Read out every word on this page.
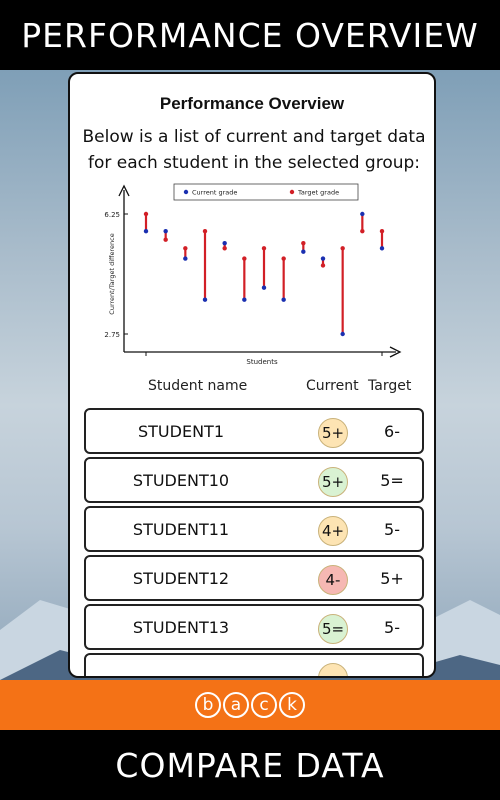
PERFORMANCE OVERVIEW
Performance Overview
Below is a list of current and target data for each student in the selected group:
6.25
2.75
Students
Current/Target difference
Current grade	Target grade
Student name	Current Target
STUDENT1	5+	6-
STUDENT10	5+	5=
STUDENT11	4+	5-
STUDENT12	4-	5+
STUDENT13	5=	5-
b	a	c	k
COMPARE DATA
